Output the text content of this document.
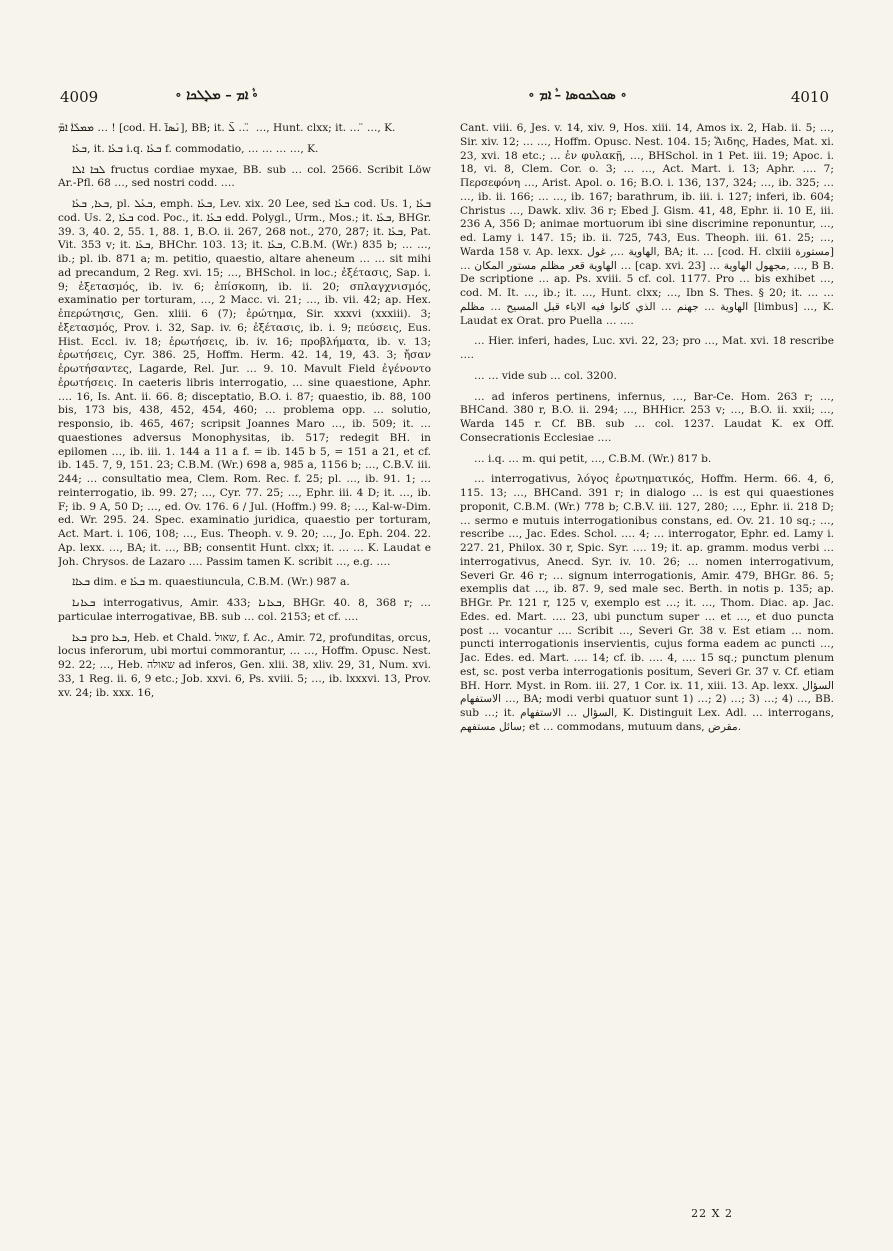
4009	∘ ܵܐܡ – ܡܠܱܠܟܐ ∘	∘ ܣܘܠܟܘܣܐ – ܵܐܡ ∘	4010

ܡܡܠܰܐ ܵܐܡ̈ … ! [cod. H. ܢܰܣܐ̈], BB; it. ܠ̈ … ̈ …, Hunt. clxx; it. … ̈ …, K.

ܒܥܰܐ, it. ܒܥܰܐ i.q. ܒܥܰܐ f. commodatio, … … … …, K.

ܠܒܐ ܐܠܐ fructus cordiae myxae, BB. sub … col. 2566. Scribit Löw Ar.-Pfl. 68 …, sed nostri codd. ….

ܒܥܐ, ܒܥܰܐ, pl. ܒܥܰܠ, emph. ܒܥܰܐ, Lev. xix. 20 Lee, sed ܒܥܰܐ cod. Us. 1, ܒܥܰܐ cod. Us. 2, ܒܥܰܐ cod. Poc., it. ܒܥܰܐ edd. Polygl., Urm., Mos.; it. ܒܥܰܐ, BHGr. 39. 3, 40. 2, 55. 1, 88. 1, B.O. ii. 267, 268 not., 270, 287; it. ܒܥܰܐ, Pat. Vit. 353 v; it. ܒܥܰܐ, BHChr. 103. 13; it. ܒܥܰܐ, C.B.M. (Wr.) 835 b; … …, ib.; pl. ib. 871 a; m. petitio, quaestio, altare aheneum … … sit mihi ad precandum, 2 Reg. xvi. 15; …, BHSchol. in loc.; ἐξέτασις, Sap. i. 9; ἐξετασμός, ib. iv. 6; ἐπίσκοπη, ib. ii. 20; σπλαγχνισμός, examinatio per torturam, …, 2 Macc. vi. 21; …, ib. vii. 42; ap. Hex. ἐπερώτησις, Gen. xliii. 6 (7); ἐρώτημα, Sir. xxxvi (xxxiii). 3; ἐξετασμός, Prov. i. 32, Sap. iv. 6; ἐξέτασις, ib. i. 9; πεύσεις, Eus. Hist. Eccl. iv. 18; ἐρωτήσεις, ib. iv. 16; προβλήματα, ib. v. 13; ἐρωτήσεις, Cyr. 386. 25, Hoffm. Herm. 42. 14, 19, 43. 3; ἤσαν ἐρωτήσαντες, Lagarde, Rel. Jur. … 9. 10. Mavult Field ἐγένοντο ἐρωτήσεις. In caeteris libris interrogatio, … sine quaestione, Aphr. …. 16, Is. Ant. ii. 66. 8; disceptatio, B.O. i. 87; quaestio, ib. 88, 100 bis, 173 bis, 438, 452, 454, 460; … problema opp. … solutio, responsio, ib. 465, 467; scripsit Joannes Maro …, ib. 509; it. … quaestiones adversus Monophysitas, ib. 517; redegit BH. in epilomen …, ib. iii. 1. 144 a 11 a f. = ib. 145 b 5, = 151 a 21, et cf. ib. 145. 7, 9, 151. 23; C.B.M. (Wr.) 698 a, 985 a, 1156 b; …, C.B.V. iii. 244; … consultatio mea, Clem. Rom. Rec. f. 25; pl. …, ib. 91. 1; … reinterrogatio, ib. 99. 27; …, Cyr. 77. 25; …, Ephr. iii. 4 D; it. …, ib. F; ib. 9 A, 50 D; …, ed. Ov. 176. 6 / Jul. (Hoffm.) 99. 8; …, Kal-w-Dim. ed. Wr. 295. 24. Spec. examinatio juridica, quaestio per torturam, Act. Mart. i. 106, 108; …, Eus. Theoph. v. 9. 20; …, Jo. Eph. 204. 22. Ap. lexx. …, BA; it. …, BB; consentit Hunt. clxx; it. … … K. Laudat e Joh. Chrysos. de Lazaro …. Passim tamen K. scribit …, e.g. ….

ܒܥܐܐ dim. e ܒܥܰܐ m. quaestiuncula, C.B.M. (Wr.) 987 a.

ܒܥܐܢܐ interrogativus, Amir. 433; ܒܥܐܢܐ, BHGr. 40. 8, 368 r; … particulae interrogativae, BB. sub … col. 2153; et cf. ….

ܒܥܐ pro ܒܥܐ, Heb. et Chald. שאול, f. Ac., Amir. 72, profunditas, orcus, locus inferorum, ubi mortui commorantur, … …, Hoffm. Opusc. Nest. 92. 22; …, Heb. שאולה ad inferos, Gen. xlii. 38, xliv. 29, 31, Num. xvi. 33, 1 Reg. ii. 6, 9 etc.; Job. xxvi. 6, Ps. xviii. 5; …, ib. lxxxvi. 13, Prov. xv. 24; ib. xxx. 16,

Cant. viii. 6, Jes. v. 14, xiv. 9, Hos. xiii. 14, Amos ix. 2, Hab. ii. 5; …, Sir. xiv. 12; … …, Hoffm. Opusc. Nest. 104. 15; Ἅιδης, Hades, Mat. xi. 23, xvi. 18 etc.; … ἐν φυλακῇ, …, BHSchol. in 1 Pet. iii. 19; Apoc. i. 18, vi. 8, Clem. Cor. o. 3; … …, Act. Mart. i. 13; Aphr. …. 7; Περσεφόνη …, Arist. Apol. o. 16; B.O. i. 136, 137, 324; …, ib. 325; … …, ib. ii. 166; … …, ib. 167; barathrum, ib. iii. i. 127; inferi, ib. 604; Christus …, Dawk. xliv. 36 r; Ebed J. Gism. 41, 48, Ephr. ii. 10 E, iii. 236 A, 356 D; animae mortuorum ibi sine discrimine reponuntur, …, ed. Lamy i. 147. 15; ib. ii. 725, 743, Eus. Theoph. iii. 61. 25; …, Warda 158 v. Ap. lexx. الهاوية …, غول, BA; it. … [cod. H. clxiii مستورة] … الهاوية قعر مظلم مستور المكان … [cap. xvi. 23] … مجهول الهاوية, …, B B. De scriptione … ap. Ps. xviii. 5 cf. col. 1177. Pro … bis exhibet …, cod. M. It. …, ib.; it. …, Hunt. clxx; …, Ibn S. Thes. § 20; it. … … الهاوية … جهنم … الذي كانوا فيه الاباء قبل المسيح … مظلم [limbus] …, K. Laudat ex Orat. pro Puella … ….

… Hier. inferi, hades, Luc. xvi. 22, 23; pro …, Mat. xvi. 18 rescribe ….

… … vide sub … col. 3200.

… ad inferos pertinens, infernus, …, Bar-Ce. Hom. 263 r; …, BHCand. 380 r, B.O. ii. 294; …, BHHicr. 253 v; …, B.O. ii. xxii; …, Warda 145 r. Cf. BB. sub … col. 1237. Laudat K. ex Off. Consecrationis Ecclesiae ….

… i.q. … m. qui petit, …, C.B.M. (Wr.) 817 b.

… interrogativus, λόγος ἐρωτηματικός, Hoffm. Herm. 66. 4, 6, 115. 13; …, BHCand. 391 r; in dialogo … is est qui quaestiones proponit, C.B.M. (Wr.) 778 b; C.B.V. iii. 127, 280; …, Ephr. ii. 218 D; … sermo e mutuis interrogationibus constans, ed. Ov. 21. 10 sq.; …, rescribe …, Jac. Edes. Schol. …. 4; … interrogator, Ephr. ed. Lamy i. 227. 21, Philox. 30 r, Spic. Syr. …. 19; it. ap. gramm. modus verbi … interrogativus, Anecd. Syr. iv. 10. 26; … nomen interrogativum, Severi Gr. 46 r; … signum interrogationis, Amir. 479, BHGr. 86. 5; exemplis dat …, ib. 87. 9, sed male sec. Berth. in notis p. 135; ap. BHGr. Pr. 121 r, 125 v, exemplo est …; it. …, Thom. Diac. ap. Jac. Edes. ed. Mart. …. 23, ubi punctum super … et …, et duo puncta post … vocantur …. Scribit …, Severi Gr. 38 v. Est etiam … nom. puncti interrogationis inservientis, cujus forma eadem ac puncti …, Jac. Edes. ed. Mart. …. 14; cf. ib. …. 4, …. 15 sq.; punctum plenum est, sc. post verba interrogationis positum, Severi Gr. 37 v. Cf. etiam BH. Horr. Myst. in Rom. iii. 27, 1 Cor. ix. 11, xiii. 13. Ap. lexx. السؤال … الاستفهام, BA; modi verbi quatuor sunt 1) …; 2) …; 3) …; 4) …, BB. sub …; it. السؤال … الاستفهام, K. Distinguit Lex. Adl. … interrogans, سائل مستفهم; et … commodans, mutuum dans, مقرض.

22 X 2
